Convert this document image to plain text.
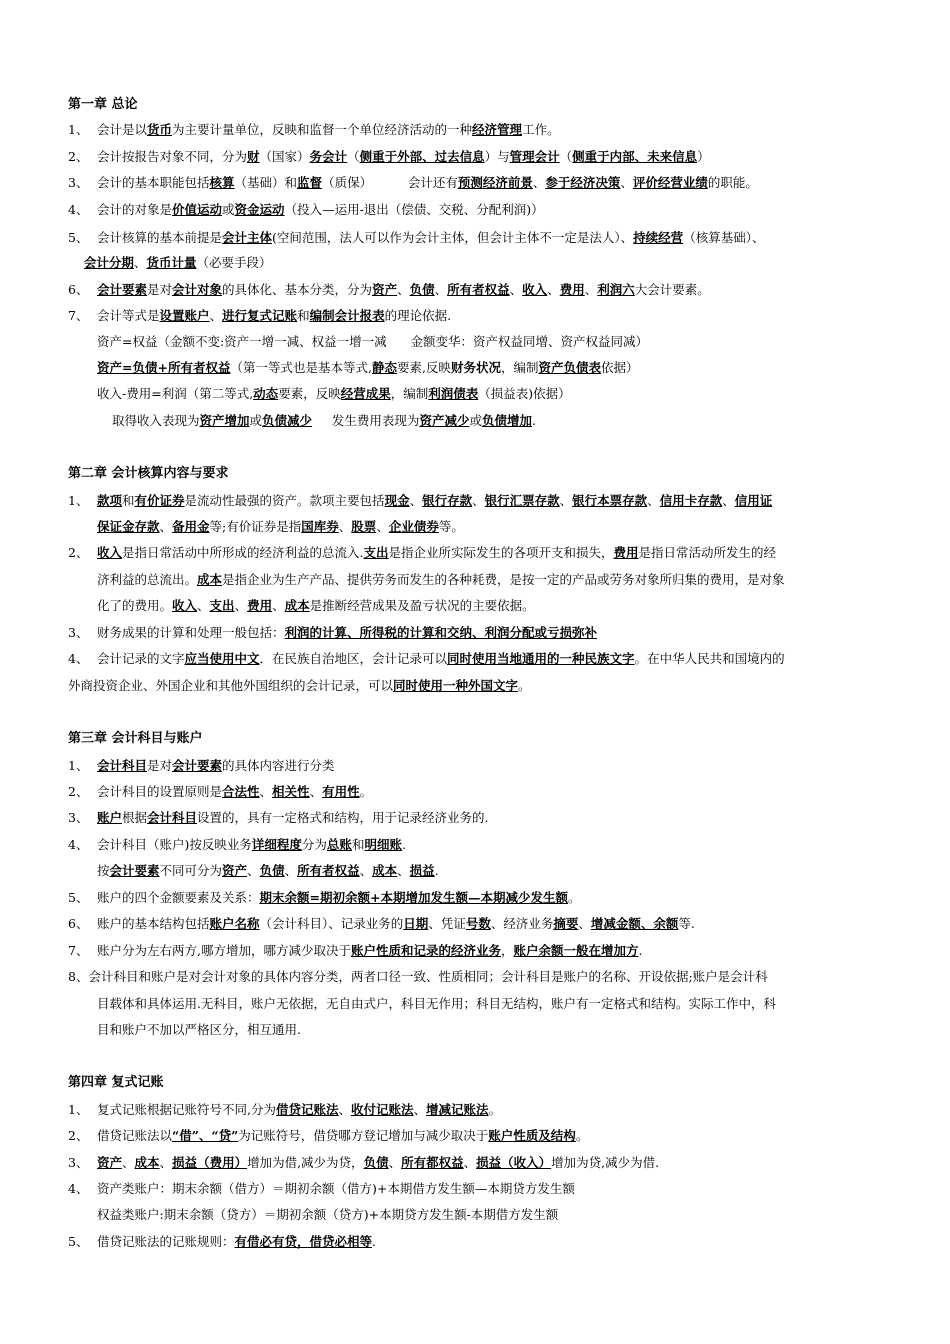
第一章 总论
1、 会计是以货币为主要计量单位，反映和监督一个单位经济活动的一种经济管理工作。
2、 会计按报告对象不同，分为财（国家）务会计（侧重于外部、过去信息）与管理会计（侧重于内部、未来信息）
3、 会计的基本职能包括核算（基础）和监督（质保）         会计还有预测经济前景、参于经济决策、评价经营业绩的职能。
4、 会计的对象是价值运动或资金运动（投入—运用-退出（偿债、交税、分配利润)）
5、 会计核算的基本前提是会计主体(空间范围，法人可以作为会计主体，但会计主体不一定是法人）、持续经营（核算基础）、
会计分期、货币计量（必要手段）
6、 会计要素是对会计对象的具体化、基本分类，分为资产、负债、所有者权益、收入、费用、利润六大会计要素。
7、 会计等式是设置账户、进行复式记账和编制会计报表的理论依据.
资产=权益（金额不变:资产一增一减、权益一增一减      金额变华：资产权益同增、资产权益同减）
资产=负债+所有者权益（第一等式也是基本等式,静态要素,反映财务状况，编制资产负债表依据）
收入-费用=利润（第二等式,动态要素，反映经营成果，编制利润债表（损益表)依据）
取得收入表现为资产增加或负债减少     发生费用表现为资产减少或负债增加.
第二章 会计核算内容与要求
1、 款项和有价证券是流动性最强的资产。款项主要包括现金、银行存款、银行汇票存款、银行本票存款、信用卡存款、信用证
保证金存款、备用金等;有价证券是指国库券、股票、企业债券等。
2、 收入是指日常活动中所形成的经济利益的总流入.支出是指企业所实际发生的各项开支和损失，费用是指日常活动所发生的经
济利益的总流出。成本是指企业为生产产品、提供劳务而发生的各种耗费，是按一定的产品或劳务对象所归集的费用，是对象
化了的费用。收入、支出、费用、成本是推断经营成果及盈亏状况的主要依据。
3、 财务成果的计算和处理一般包括：利润的计算、所得税的计算和交纳、利润分配或亏损弥补
4、 会计记录的文字应当使用中文．在民族自治地区，会计记录可以同时使用当地通用的一种民族文字。在中华人民共和国境内的
外商投资企业、外国企业和其他外国组织的会计记录，可以同时使用一种外国文字。
第三章 会计科目与账户
1、 会计科目是对会计要素的具体内容进行分类
2、 会计科目的设置原则是合法性、相关性、有用性。
3、 账户根据会计科目设置的，具有一定格式和结构，用于记录经济业务的.
4、 会计科目（账户)按反映业务详细程度分为总账和明细账.
按会计要素不同可分为资产、负债、所有者权益、成本、损益.
5、 账户的四个金额要素及关系：期末余额=期初余额+本期增加发生额—本期减少发生额。
6、 账户的基本结构包括账户名称（会计科目）、记录业务的日期、凭证号数、经济业务摘要、增减金额、余额等.
7、 账户分为左右两方,哪方增加，哪方减少取决于账户性质和记录的经济业务，账户余额一般在增加方.
8、会计科目和账户是对会计对象的具体内容分类，两者口径一致、性质相同；会计科目是账户的名称、开设依据;账户是会计科
目载体和具体运用.无科目，账户无依据，无自由式户，科目无作用；科目无结构，账户有一定格式和结构。实际工作中，科
目和账户不加以严格区分，相互通用.
第四章 复式记账
1、 复式记账根据记账符号不同,分为借贷记账法、收付记账法、增减记账法。
2、 借贷记账法以“借”、“贷”为记账符号，借贷哪方登记增加与减少取决于账户性质及结构。
3、 资产、成本、损益（费用）增加为借,减少为贷，负债、所有都权益、损益（收入）增加为贷,减少为借.
4、 资产类账户：期末余额（借方）＝期初余额（借方)+本期借方发生额—本期贷方发生额
权益类账户:期末余额（贷方）＝期初余额（贷方)+本期贷方发生额-本期借方发生额
5、 借贷记账法的记账规则：有借必有贷，借贷必相等.
